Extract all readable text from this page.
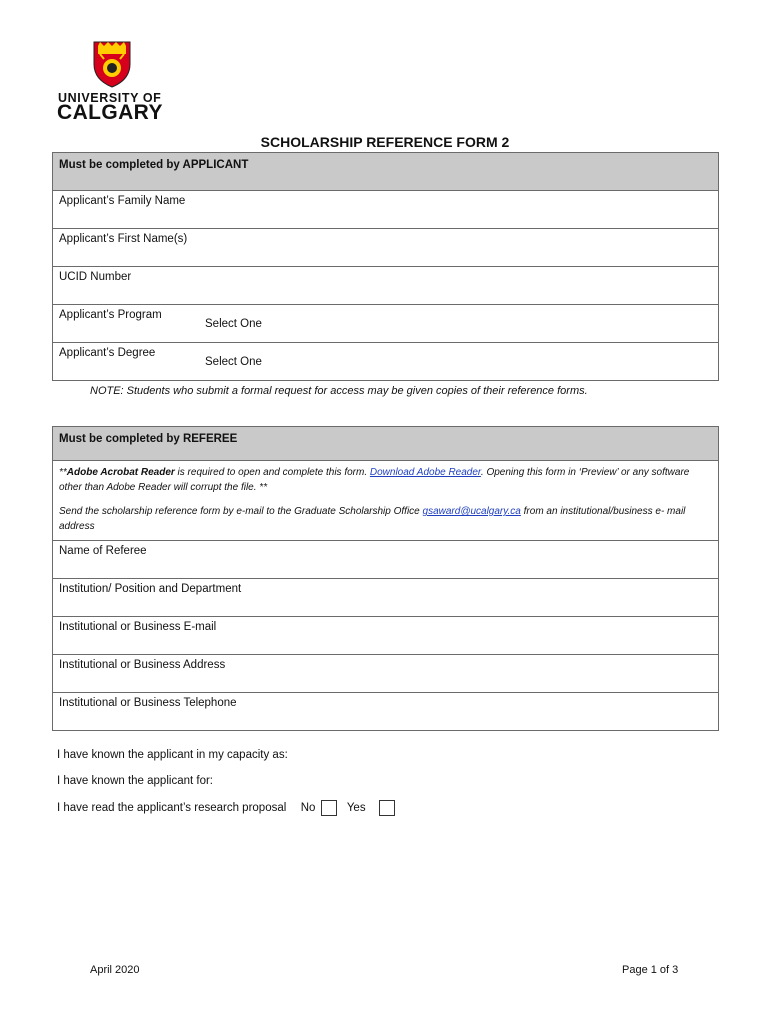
UNIVERSITY OF
CALGARY
SCHOLARSHIP REFERENCE FORM 2
Must be completed by APPLICANT
Applicant’s Family Name
Applicant’s First Name(s)
UCID Number
Applicant’s Program
Select One
Applicant’s Degree
Select One
NOTE: Students who submit a formal request for access may be given copies of their reference forms.
Must be completed by REFEREE
**Adobe Acrobat Reader is required to open and complete this form. Download Adobe Reader. Opening this form in ‘Preview’ or any software other than Adobe Reader will corrupt the file. **
Send the scholarship reference form by e-mail to the Graduate Scholarship Office gsaward@ucalgary.ca from an institutional/business e- mail address
Name of Referee
Institution/ Position and Department
Institutional or Business E-mail
Institutional or Business Address
Institutional or Business Telephone
I have known the applicant in my capacity as:
I have known the applicant for:
I have read the applicant’s research proposal No	Yes
April 2020	Page 1 of 3
